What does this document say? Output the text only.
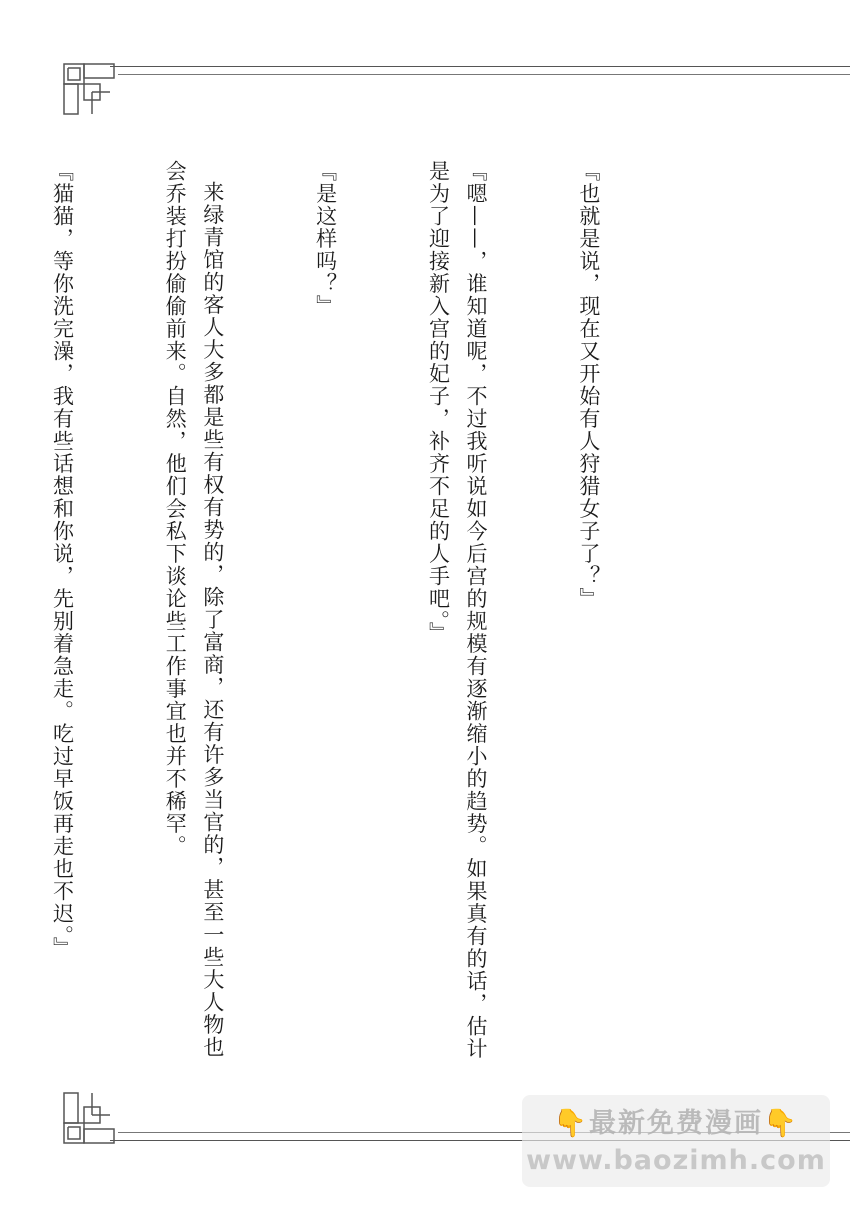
『也就是说，现在又开始有人狩猎女子了？』

『嗯——，谁知道呢，不过我听说如今后宫的规模有逐渐缩小的趋势。如果真有的话，估计是为了迎接新入宫的妃子，补齐不足的人手吧。』

『是这样吗？』

来绿青馆的客人大多都是些有权有势的，除了富商，还有许多当官的，甚至一些大人物也会乔装打扮偷偷前来。自然，他们会私下谈论些工作事宜也并不稀罕。

『猫猫，等你洗完澡，我有些话想和你说，先别着急走。吃过早饭再走也不迟。』

👇最新免费漫画👇
www.baozimh.com
